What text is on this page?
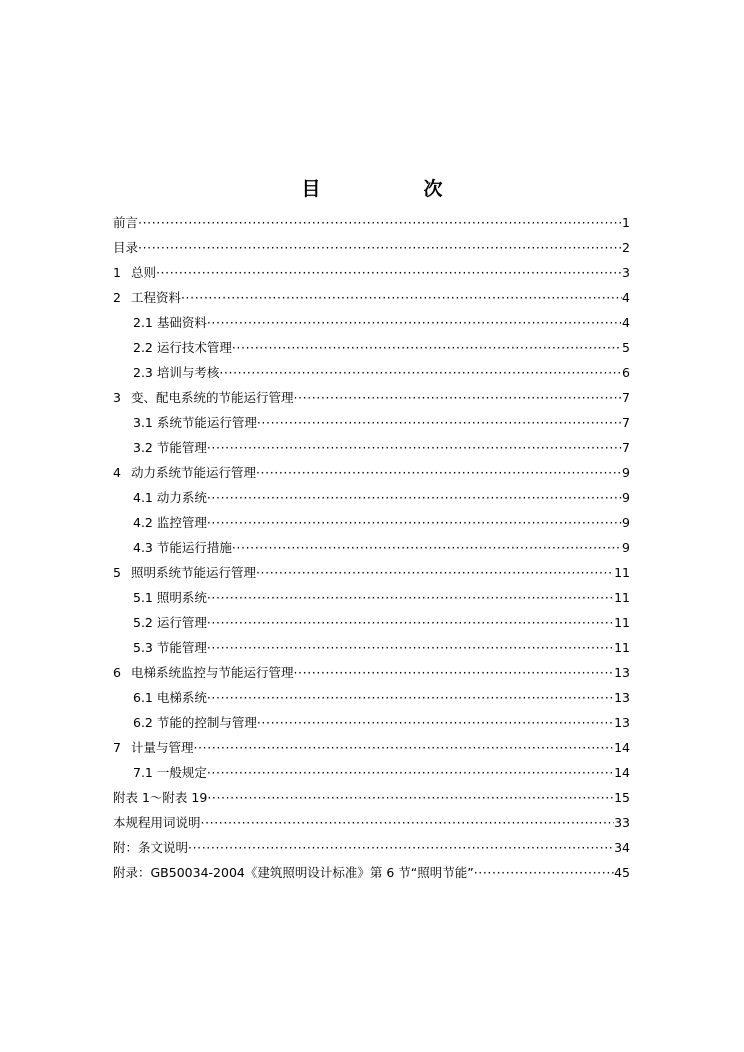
目　次
前言 ·····	1
目录 ·····	2
1 总则 ·····	3
2 工程资料 ·····	4
2.1 基础资料 ·····	4
2.2 运行技术管理 ·····	5
2.3 培训与考核 ·····	6
3 变、配电系统的节能运行管理 ·····	7
3.1 系统节能运行管理 ·····	7
3.2 节能管理 ·····	7
4 动力系统节能运行管理 ·····	9
4.1 动力系统 ·····	9
4.2 监控管理 ·····	9
4.3 节能运行措施 ·····	9
5 照明系统节能运行管理 ·····	11
5.1 照明系统 ·····	11
5.2 运行管理 ·····	11
5.3 节能管理 ·····	11
6 电梯系统监控与节能运行管理 ·····	13
6.1 电梯系统 ·····	13
6.2 节能的控制与管理 ·····	13
7 计量与管理 ·····	14
7.1 一般规定 ·····	14
附表 1～附表 19 ·····	15
本规程用词说明 ·····	33
附：条文说明 ·····	34
附录：GB50034-2004《建筑照明设计标准》第 6 节“照明节能” ·····	45
